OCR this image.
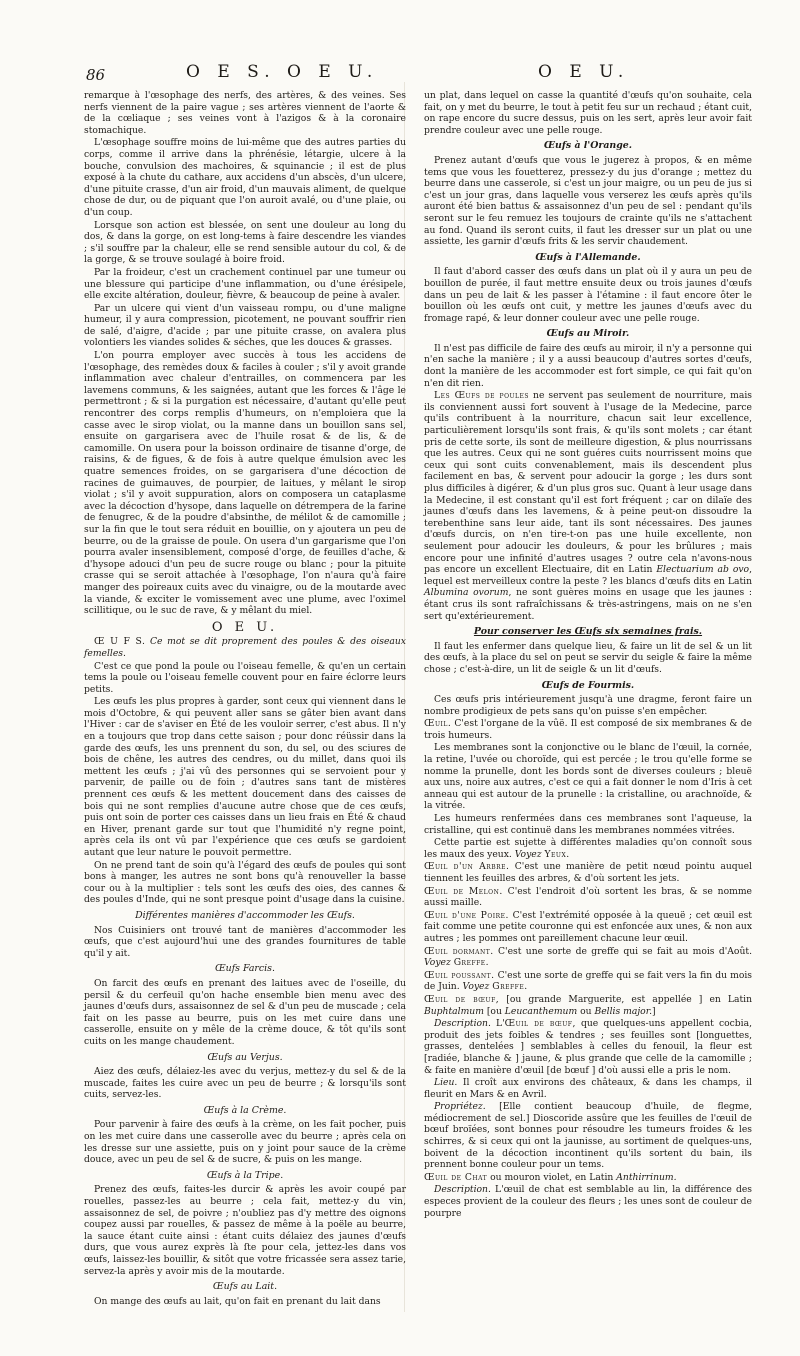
86	O E S. O E U.	O E U.

remarque à l'œsophage des nerfs, des artères, & des veines. Ses nerfs viennent de la paire vague ; ses artères viennent de l'aorte & de la cœliaque ; ses veines vont à l'azigos & à la coronaire stomachique.

L'œsophage souffre moins de lui-même que des autres parties du corps, comme il arrive dans la phrénésie, létargie, ulcere à la bouche, convulsion des machoires, & squinancie ; il est de plus exposé à la chute du cathare, aux accidens d'un abscès, d'un ulcere, d'une pituite crasse, d'un air froid, d'un mauvais aliment, de quelque chose de dur, ou de piquant que l'on auroit avalé, ou d'une plaie, ou d'un coup.

Lorsque son action est blessée, on sent une douleur au long du dos, & dans la gorge, on est long-tems à faire descendre les viandes ; s'il souffre par la chaleur, elle se rend sensible autour du col, & de la gorge, & se trouve soulagé à boire froid.

Par la froideur, c'est un crachement continuel par une tumeur ou une blessure qui participe d'une inflammation, ou d'une érésipele, elle excite altération, douleur, fièvre, & beaucoup de peine à avaler.

Par un ulcere qui vient d'un vaisseau rompu, ou d'une maligne humeur, il y aura compression, picotement, ne pouvant souffrir rien de salé, d'aigre, d'acide ; par une pituite crasse, on avalera plus volontiers les viandes solides & séches, que les douces & grasses.

L'on pourra employer avec succès à tous les accidens de l'œsophage, des remèdes doux & faciles à couler ; s'il y avoit grande inflammation avec chaleur d'entrailles, on commencera par les lavemens communs, & les saignées, autant que les forces & l'âge le permettront ; & si la purgation est nécessaire, d'autant qu'elle peut rencontrer des corps remplis d'humeurs, on n'emploiera que la casse avec le sirop violat, ou la manne dans un bouillon sans sel, ensuite on gargarisera avec de l'huile rosat & de lis, & de camomille. On usera pour la boisson ordinaire de tisanne d'orge, de raisins, & de figues, & de fois à autre quelque émulsion avec les quatre semences froides, on se gargarisera d'une décoction de racines de guimauves, de pourpier, de laitues, y mêlant le sirop violat ; s'il y avoit suppuration, alors on composera un cataplasme avec la décoction d'hysope, dans laquelle on détrempera de la farine de fenugrec, & de la poudre d'absinthe, de mélilot & de camomille ; sur la fin que le tout sera réduit en bouillie, on y ajoutera un peu de beurre, ou de la graisse de poule. On usera d'un gargarisme que l'on pourra avaler insensiblement, composé d'orge, de feuilles d'ache, & d'hysope adouci d'un peu de sucre rouge ou blanc ; pour la pituite crasse qui se seroit attachée à l'œsophage, l'on n'aura qu'à faire manger des poireaux cuits avec du vinaigre, ou de la moutarde avec la viande, & exciter le vomissement avec une plume, avec l'oximel scillitique, ou le suc de rave, & y mêlant du miel.

O E U.

Œ U F S. Ce mot se dit proprement des poules & des oiseaux femelles.

C'est ce que pond la poule ou l'oiseau femelle, & qu'en un certain tems la poule ou l'oiseau femelle couvent pour en faire éclorre leurs petits.

Les œufs les plus propres à garder, sont ceux qui viennent dans le mois d'Octobre, & qui peuvent aller sans se gâter bien avant dans l'Hiver : car de s'aviser en Été de les vouloir serrer, c'est abus. Il n'y en a toujours que trop dans cette saison ; pour donc réüssir dans la garde des œufs, les uns prennent du son, du sel, ou des sciures de bois de chêne, les autres des cendres, ou du millet, dans quoi ils mettent les œufs ; j'ai vû des personnes qui se servoient pour y parvenir, de paille ou de foin ; d'autres sans tant de mistères prennent ces œufs & les mettent doucement dans des caisses de bois qui ne sont remplies d'aucune autre chose que de ces œufs, puis ont soin de porter ces caisses dans un lieu frais en Été & chaud en Hiver, prenant garde sur tout que l'humidité n'y regne point, après cela ils ont vû par l'expérience que ces œufs se gardoient autant que leur nature le pouvoit permettre.

On ne prend tant de soin qu'à l'égard des œufs de poules qui sont bons à manger, les autres ne sont bons qu'à renouveller la basse cour ou à la multiplier : tels sont les œufs des oies, des cannes & des poules d'Inde, qui ne sont presque point d'usage dans la cuisine.

Différentes manières d'accommoder les Œufs.

Nos Cuisiniers ont trouvé tant de manières d'accommoder les œufs, que c'est aujourd'hui une des grandes fournitures de table qu'il y ait.

Œufs Farcis.

On farcit des œufs en prenant des laitues avec de l'oseille, du persil & du cerfeuil qu'on hache ensemble bien menu avec des jaunes d'œufs durs, assaisonnez de sel & d'un peu de muscade ; cela fait on les passe au beurre, puis on les met cuire dans une casserolle, ensuite on y mêle de la crème douce, & tôt qu'ils sont cuits on les mange chaudement.

Œufs au Verjus.

Aiez des œufs, délaiez-les avec du verjus, mettez-y du sel & de la muscade, faites les cuire avec un peu de beurre ; & lorsqu'ils sont cuits, servez-les.

Œufs à la Crème.

Pour parvenir à faire des œufs à la crème, on les fait pocher, puis on les met cuire dans une casserolle avec du beurre ; après cela on les dresse sur une assiette, puis on y joint pour sauce de la crème douce, avec un peu de sel & de sucre, & puis on les mange.

Œufs à la Tripe.

Prenez des œufs, faites-les durcir & après les avoir coupé par rouelles, passez-les au beurre ; cela fait, mettez-y du vin, assaisonnez de sel, de poivre ; n'oubliez pas d'y mettre des oignons coupez aussi par rouelles, & passez de même à la poële au beurre, la sauce étant cuite ainsi : étant cuits délaiez des jaunes d'œufs durs, que vous aurez exprès là ſte pour cela, jettez-les dans vos œufs, laissez-les bouillir, & sitôt que votre fricassée sera assez tarie, servez-la après y avoir mis de la moutarde.

Œufs au Lait.

On mange des œufs au lait, qu'on fait en prenant du lait dans

un plat, dans lequel on casse la quantité d'œufs qu'on souhaite, cela fait, on y met du beurre, le tout à petit feu sur un rechaud ; étant cuit, on rape encore du sucre dessus, puis on les sert, après leur avoir fait prendre couleur avec une pelle rouge.

Œufs à l'Orange.

Prenez autant d'œufs que vous le jugerez à propos, & en même tems que vous les fouetterez, pressez-y du jus d'orange ; mettez du beurre dans une casserole, si c'est un jour maigre, ou un peu de jus si c'est un jour gras, dans laquelle vous verserez les œufs après qu'ils auront été bien battus & assaisonnez d'un peu de sel : pendant qu'ils seront sur le feu remuez les toujours de crainte qu'ils ne s'attachent au fond. Quand ils seront cuits, il faut les dresser sur un plat ou une assiette, les garnir d'œufs frits & les servir chaudement.

Œufs à l'Allemande.

Il faut d'abord casser des œufs dans un plat où il y aura un peu de bouillon de purée, il faut mettre ensuite deux ou trois jaunes d'œufs dans un peu de lait & les passer à l'étamine : il faut encore ôter le bouillon où les œufs ont cuit, y mettre les jaunes d'œufs avec du fromage rapé, & leur donner couleur avec une pelle rouge.

Œufs au Miroir.

Il n'est pas difficile de faire des œufs au miroir, il n'y a personne qui n'en sache la manière ; il y a aussi beaucoup d'autres sortes d'œufs, dont la manière de les accommoder est fort simple, ce qui fait qu'on n'en dit rien.

Les Œufs de poules ne servent pas seulement de nourriture, mais ils conviennent aussi fort souvent à l'usage de la Medecine, parce qu'ils contribuent à la nourriture, chacun sait leur excellence, particulièrement lorsqu'ils sont frais, & qu'ils sont molets ; car étant pris de cette sorte, ils sont de meilleure digestion, & plus nourrissans que les autres. Ceux qui ne sont guéres cuits nourrissent moins que ceux qui sont cuits convenablement, mais ils descendent plus facilement en bas, & servent pour adoucir la gorge ; les durs sont plus difficiles à digérer, & d'un plus gros suc. Quant à leur usage dans la Medecine, il est constant qu'il est fort fréquent ; car on dilaïe des jaunes d'œufs dans les lavemens, & à peine peut-on dissoudre la terebenthine sans leur aide, tant ils sont nécessaires. Des jaunes d'œufs durcis, on n'en tire-t-on pas une huile excellente, non seulement pour adoucir les douleurs, & pour les brûlures ; mais encore pour une infinité d'autres usages ? outre cela n'avons-nous pas encore un excellent Electuaire, dit en Latin Electuarium ab ovo, lequel est merveilleux contre la peste ? les blancs d'œufs dits en Latin Albumina ovorum, ne sont guères moins en usage que les jaunes : étant crus ils sont rafraîchissans & très-astringens, mais on ne s'en sert qu'extérieurement.

Pour conserver les Œufs six semaines frais.

Il faut les enfermer dans quelque lieu, & faire un lit de sel & un lit des œufs, à la place du sel on peut se servir du seigle & faire la même chose ; c'est-à-dire, un lit de seigle & un lit d'œufs.

Œufs de Fourmis.

Ces œufs pris intérieurement jusqu'à une dragme, feront faire un nombre prodigieux de pets sans qu'on puisse s'en empêcher.

Œuil. C'est l'organe de la vûë. Il est composé de six membranes & de trois humeurs.

Les membranes sont la conjonctive ou le blanc de l'œuil, la cornée, la retine, l'uvée ou choroïde, qui est percée ; le trou qu'elle forme se nomme la prunelle, dont les bords sont de diverses couleurs ; bleuë aux uns, noire aux autres, c'est ce qui a fait donner le nom d'Iris à cet anneau qui est autour de la prunelle : la cristalline, ou arachnoïde, & la vitrée.

Les humeurs renfermées dans ces membranes sont l'aqueuse, la cristalline, qui est continuë dans les membranes nommées vitrées.

Cette partie est sujette à différentes maladies qu'on connoît sous les maux des yeux. Voyez Yeux.

Œuil d'un Arbre. C'est une manière de petit nœud pointu auquel tiennent les feuilles des arbres, & d'où sortent les jets.

Œuil de Melon. C'est l'endroit d'où sortent les bras, & se nomme aussi maille.

Œuil d'une Poire. C'est l'extrémité opposée à la queuë ; cet œuil est fait comme une petite couronne qui est enfoncée aux unes, & non aux autres ; les pommes ont pareillement chacune leur œuil.

Œuil dormant. C'est une sorte de greffe qui se fait au mois d'Août. Voyez Greffe.

Œuil poussant. C'est une sorte de greffe qui se fait vers la fin du mois de Juin. Voyez Greffe.

Œuil de bœuf, [ou grande Marguerite, est appellée ] en Latin Buphtalmum [ou Leucanthemum ou Bellis major.]

Description. L'Œuil de bœuf, que quelques-uns appellent cocbia, produit des jets foibles & tendres ; ses feuilles sont [longuettes, grasses, dentelées ] semblables à celles du fenouil, la fleur est [radiée, blanche & ] jaune, & plus grande que celle de la camomille ; & faite en manière d'œuil [de bœuf ] d'où aussi elle a pris le nom.

Lieu. Il croît aux environs des châteaux, & dans les champs, il fleurit en Mars & en Avril.

Propriétez. [Elle contient beaucoup d'huile, de flegme, médiocrement de sel.] Dioscoride assûre que les feuilles de l'œuil de bœuf broïées, sont bonnes pour résoudre les tumeurs froides & les schirres, & si ceux qui ont la jaunisse, au sortiment de quelques-uns, boivent de la décoction incontinent qu'ils sortent du bain, ils prennent bonne couleur pour un tems.

Œuil de Chat ou mouron violet, en Latin Anthirrinum.

Description. L'œuil de chat est semblable au lin, la différence des especes provient de la couleur des fleurs ; les unes sont de couleur de pourpre
